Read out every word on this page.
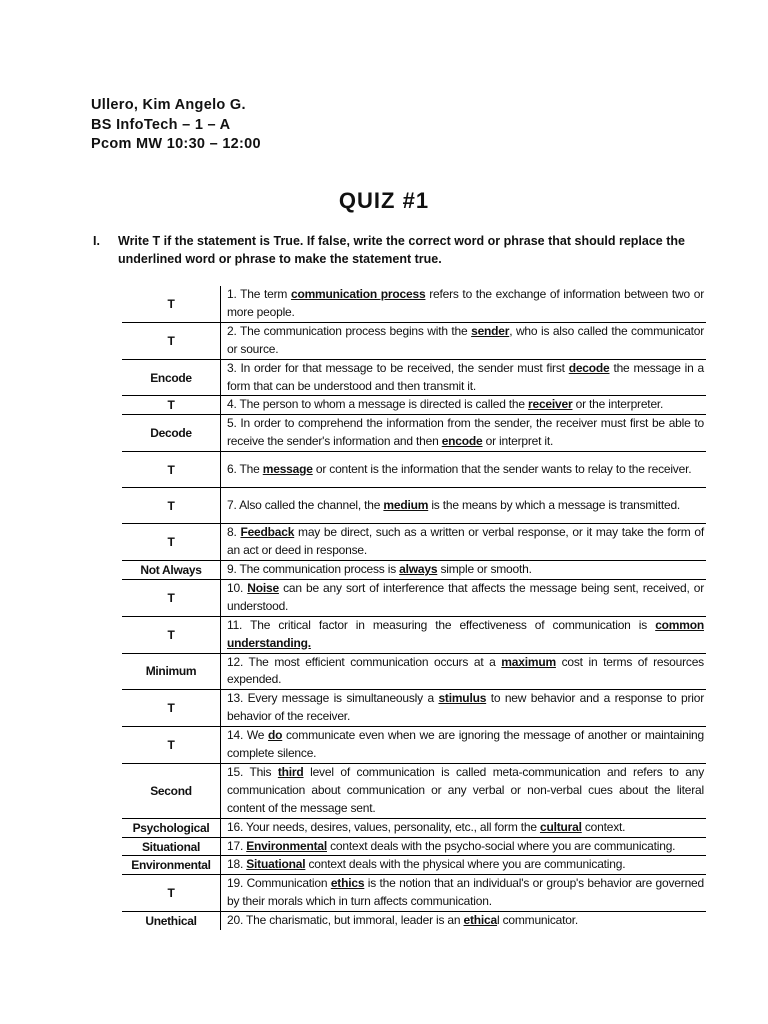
Ullero, Kim Angelo G.
BS InfoTech – 1 – A
Pcom MW 10:30 – 12:00
QUIZ #1
I. Write T if the statement is True. If false, write the correct word or phrase that should replace the underlined word or phrase to make the statement true.
T	1. The term communication process refers to the exchange of information between two or more people.
T	2. The communication process begins with the sender, who is also called the communicator or source.
Encode	3. In order for that message to be received, the sender must first decode the message in a form that can be understood and then transmit it.
T	4. The person to whom a message is directed is called the receiver or the interpreter.
Decode	5. In order to comprehend the information from the sender, the receiver must first be able to receive the sender's information and then encode or interpret it.
T	6. The message or content is the information that the sender wants to relay to the receiver.
T	7. Also called the channel, the medium is the means by which a message is transmitted.
T	8. Feedback may be direct, such as a written or verbal response, or it may take the form of an act or deed in response.
Not Always	9. The communication process is always simple or smooth.
T	10. Noise can be any sort of interference that affects the message being sent, received, or understood.
T	11. The critical factor in measuring the effectiveness of communication is common understanding.
Minimum	12. The most efficient communication occurs at a maximum cost in terms of resources expended.
T	13. Every message is simultaneously a stimulus to new behavior and a response to prior behavior of the receiver.
T	14. We do communicate even when we are ignoring the message of another or maintaining complete silence.
Second	15. This third level of communication is called meta-communication and refers to any communication about communication or any verbal or non-verbal cues about the literal content of the message sent.
Psychological	16. Your needs, desires, values, personality, etc., all form the cultural context.
Situational	17. Environmental context deals with the psycho-social where you are communicating.
Environmental	18. Situational context deals with the physical where you are communicating.
T	19. Communication ethics is the notion that an individual's or group's behavior are governed by their morals which in turn affects communication.
Unethical	20. The charismatic, but immoral, leader is an ethical communicator.
